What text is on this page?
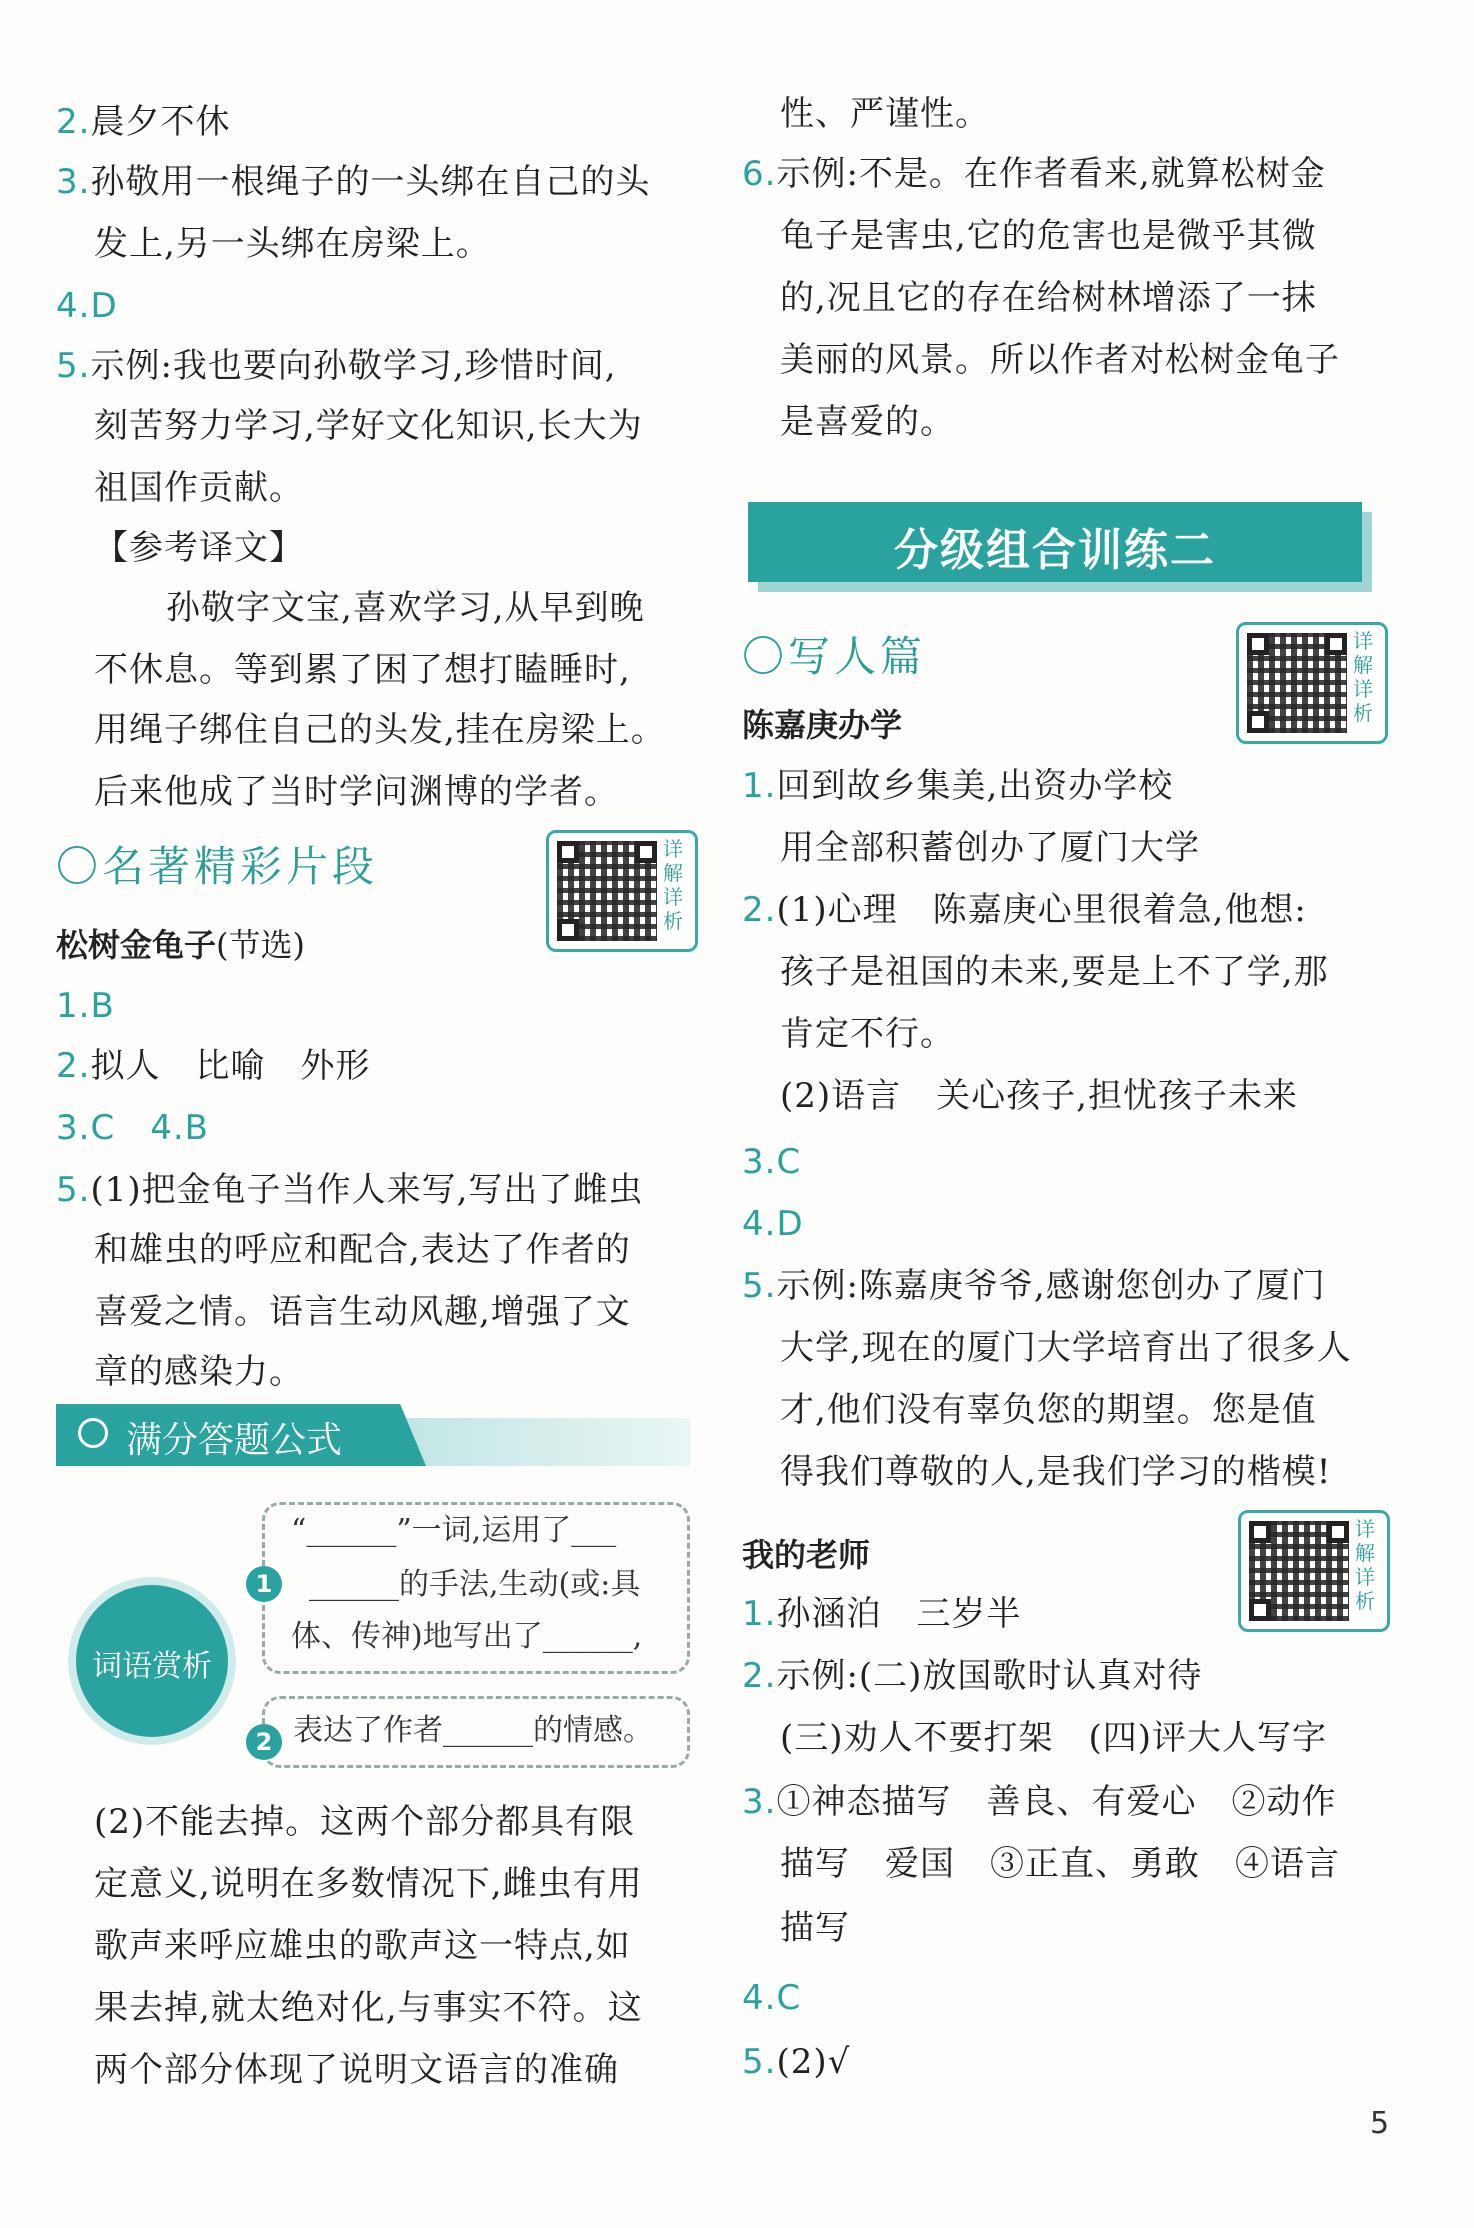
2.晨夕不休
3.孙敬用一根绳子的一头绑在自己的头
发上,另一头绑在房梁上。
4.D
5.示例:我也要向孙敬学习,珍惜时间,
刻苦努力学习,学好文化知识,长大为
祖国作贡献。
【参考译文】
孙敬字文宝,喜欢学习,从早到晚
不休息。等到累了困了想打瞌睡时,
用绳子绑住自己的头发,挂在房梁上。
后来他成了当时学问渊博的学者。
〇名著精彩片段	详解详析
松树金龟子(节选)
1.B
2.拟人　比喻　外形
3.C　 4.B
5.(1)把金龟子当作人来写,写出了雌虫
和雄虫的呼应和配合,表达了作者的
喜爱之情。语言生动风趣,增强了文
章的感染力。
满分答题公式
“______”一词,运用了___
______的手法,生动(或:具
体、传神)地写出了______,
表达了作者______的情感。
词语赏析
1
2
(2)不能去掉。这两个部分都具有限
定意义,说明在多数情况下,雌虫有用
歌声来呼应雄虫的歌声这一特点,如
果去掉,就太绝对化,与事实不符。这
两个部分体现了说明文语言的准确
性、严谨性。
6.示例:不是。在作者看来,就算松树金
龟子是害虫,它的危害也是微乎其微
的,况且它的存在给树林增添了一抹
美丽的风景。所以作者对松树金龟子
是喜爱的。
〇写人篇	详解详析
陈嘉庚办学
1.回到故乡集美,出资办学校
用全部积蓄创办了厦门大学
2.(1)心理　陈嘉庚心里很着急,他想:
孩子是祖国的未来,要是上不了学,那
肯定不行。
(2)语言　关心孩子,担忧孩子未来
3.C
4.D
5.示例:陈嘉庚爷爷,感谢您创办了厦门
大学,现在的厦门大学培育出了很多人
才,他们没有辜负您的期望。您是值
得我们尊敬的人,是我们学习的楷模!
我的老师
详解详析
1.孙涵泊　三岁半
2.示例:(二)放国歌时认真对待
(三)劝人不要打架　(四)评大人写字
3.①神态描写　善良、有爱心　②动作
描写　爱国　③正直、勇敢　④语言
描写
4.C
5.(2)√
分级组合训练二
5
